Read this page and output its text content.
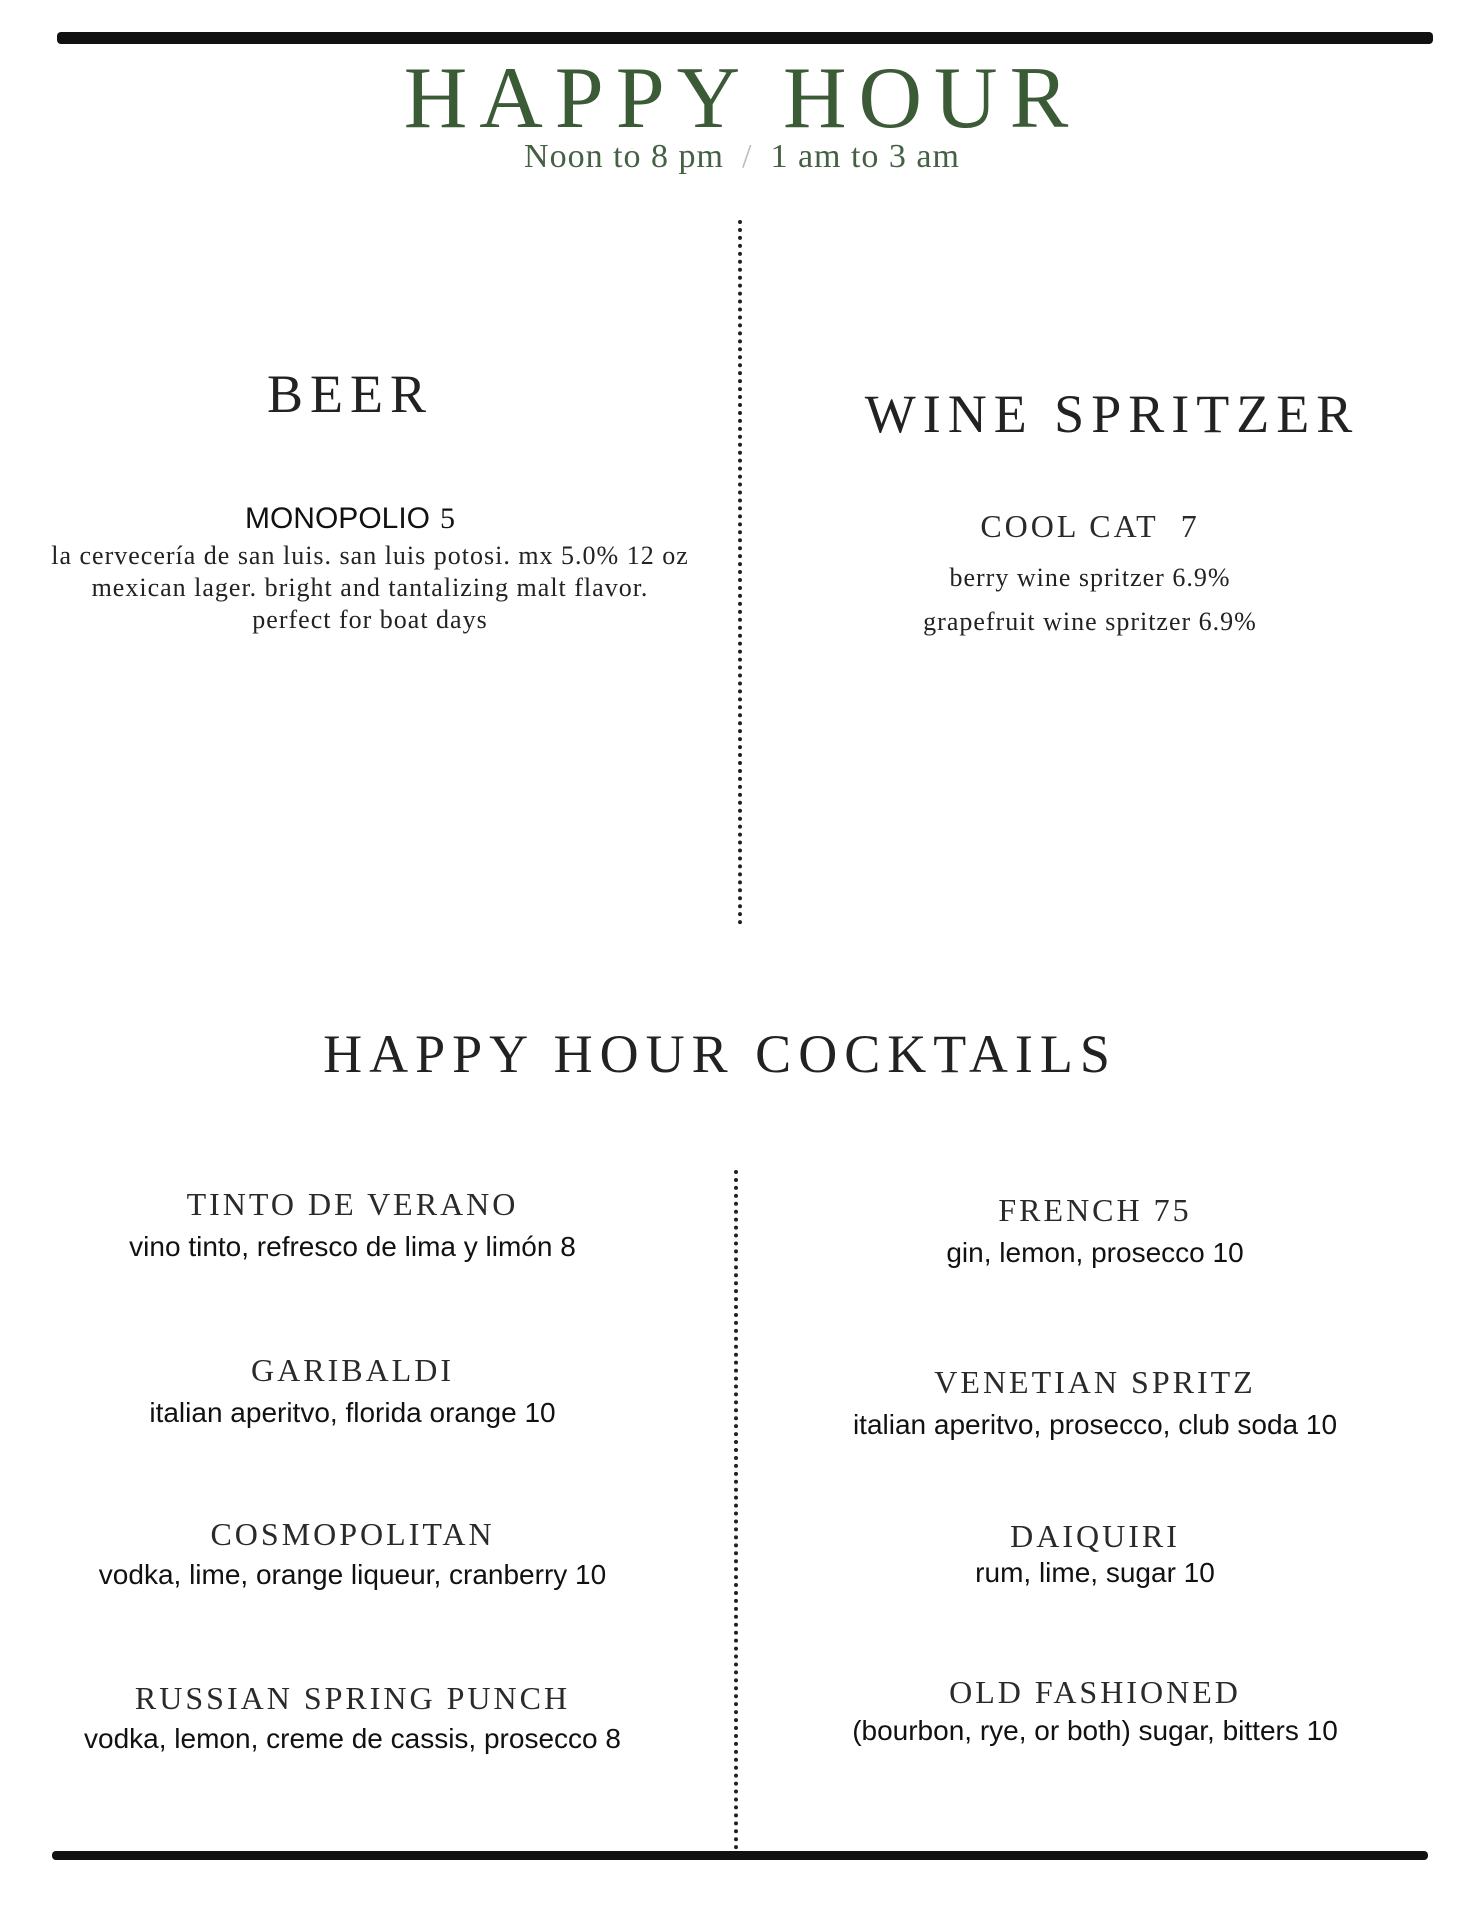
HAPPY HOUR
Noon to 8 pm / 1 am to 3 am
BEER
MONOPOLIO 5
la cervecería de san luis. san luis potosi. mx 5.0% 12 oz
mexican lager. bright and tantalizing malt flavor.
perfect for boat days
WINE SPRITZER
COOL CAT 7
berry wine spritzer 6.9%
grapefruit wine spritzer 6.9%
HAPPY HOUR COCKTAILS
TINTO DE VERANO
vino tinto, refresco de lima y limón 8
GARIBALDI
italian aperitvo, florida orange 10
COSMOPOLITAN
vodka, lime, orange liqueur, cranberry 10
RUSSIAN SPRING PUNCH
vodka, lemon, creme de cassis, prosecco 8
FRENCH 75
gin, lemon, prosecco 10
VENETIAN SPRITZ
italian aperitvo, prosecco, club soda 10
DAIQUIRI
rum, lime, sugar 10
OLD FASHIONED
(bourbon, rye, or both) sugar, bitters 10
